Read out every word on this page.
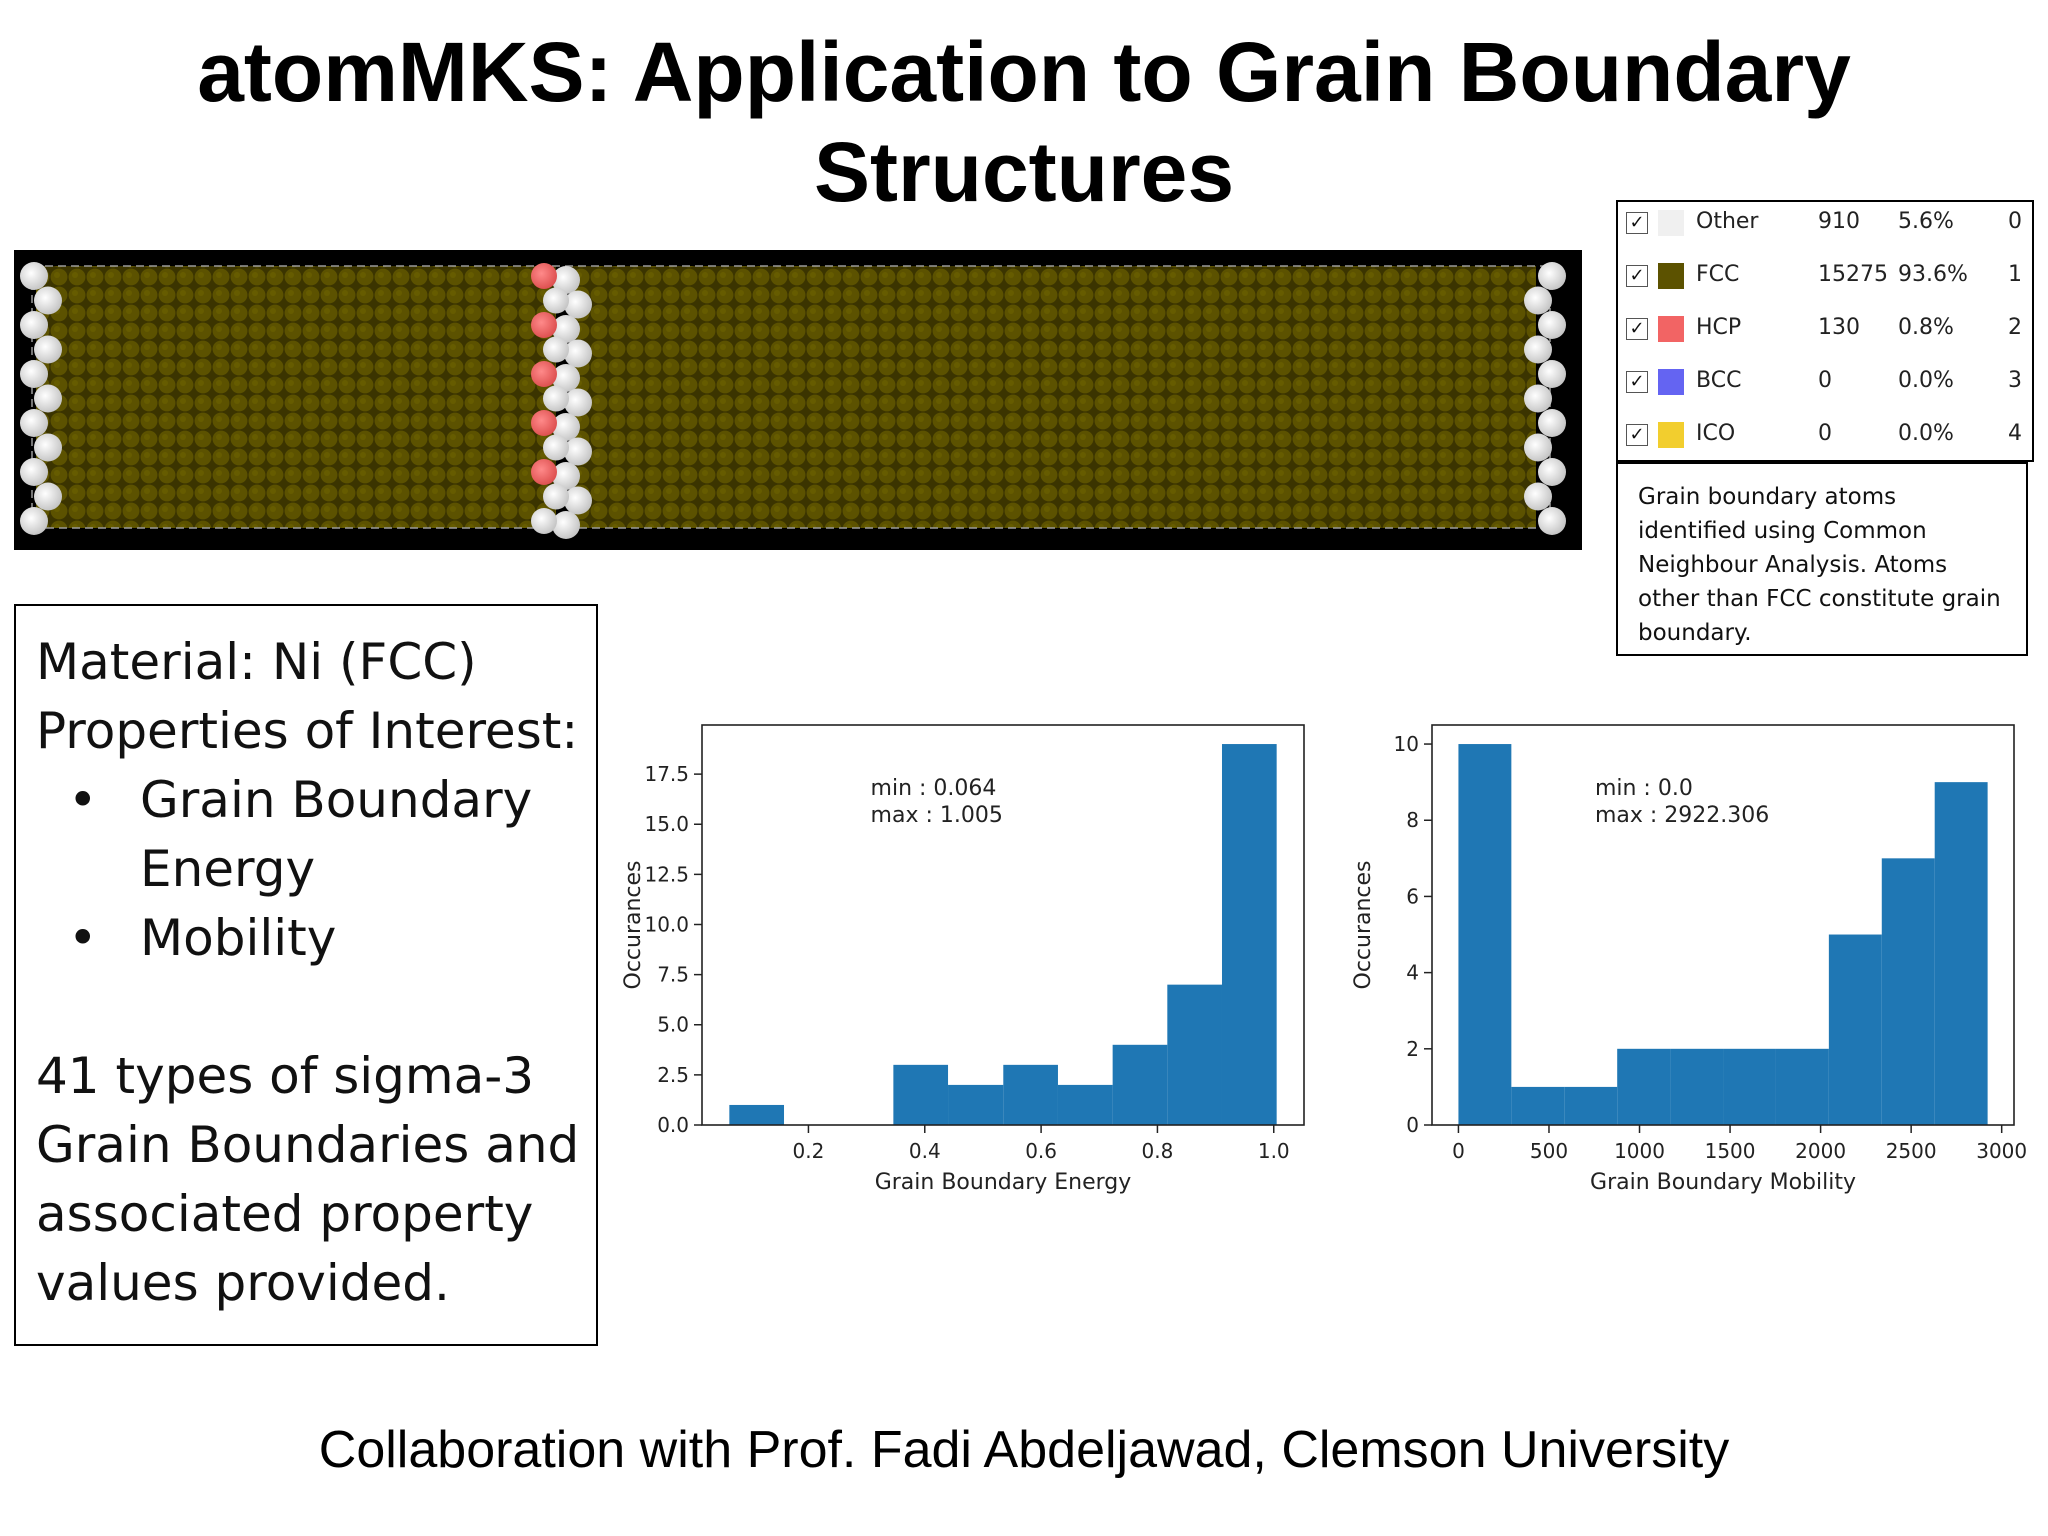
atomMKS: Application to Grain Boundary Structures
✓ Other	910 5.6% 0
✓ FCC	15275 93.6% 1
✓ HCP	130 0.8% 2
✓ BCC	0	0.0% 3
✓ ICO	0	0.0% 4
Grain boundary atoms identified using Common Neighbour Analysis. Atoms other than FCC constitute grain boundary.
Material: Ni (FCC)
Properties of Interest:
• Grain Boundary Energy
• Mobility
41 types of sigma-3 Grain Boundaries and associated property values provided.
0.0
2.5
5.0
7.5
10.0
12.5
15.0
17.5
0.2	0.4	0.6	0.8	1.0
Grain Boundary Energy
Occurances
min : 0.064
max : 1.005
0
2
4
6
8
10
0	500 1000 1500 2000 2500 3000
Grain Boundary Mobility
Occurances
min : 0.0
max : 2922.306
Collaboration with Prof. Fadi Abdeljawad, Clemson University
